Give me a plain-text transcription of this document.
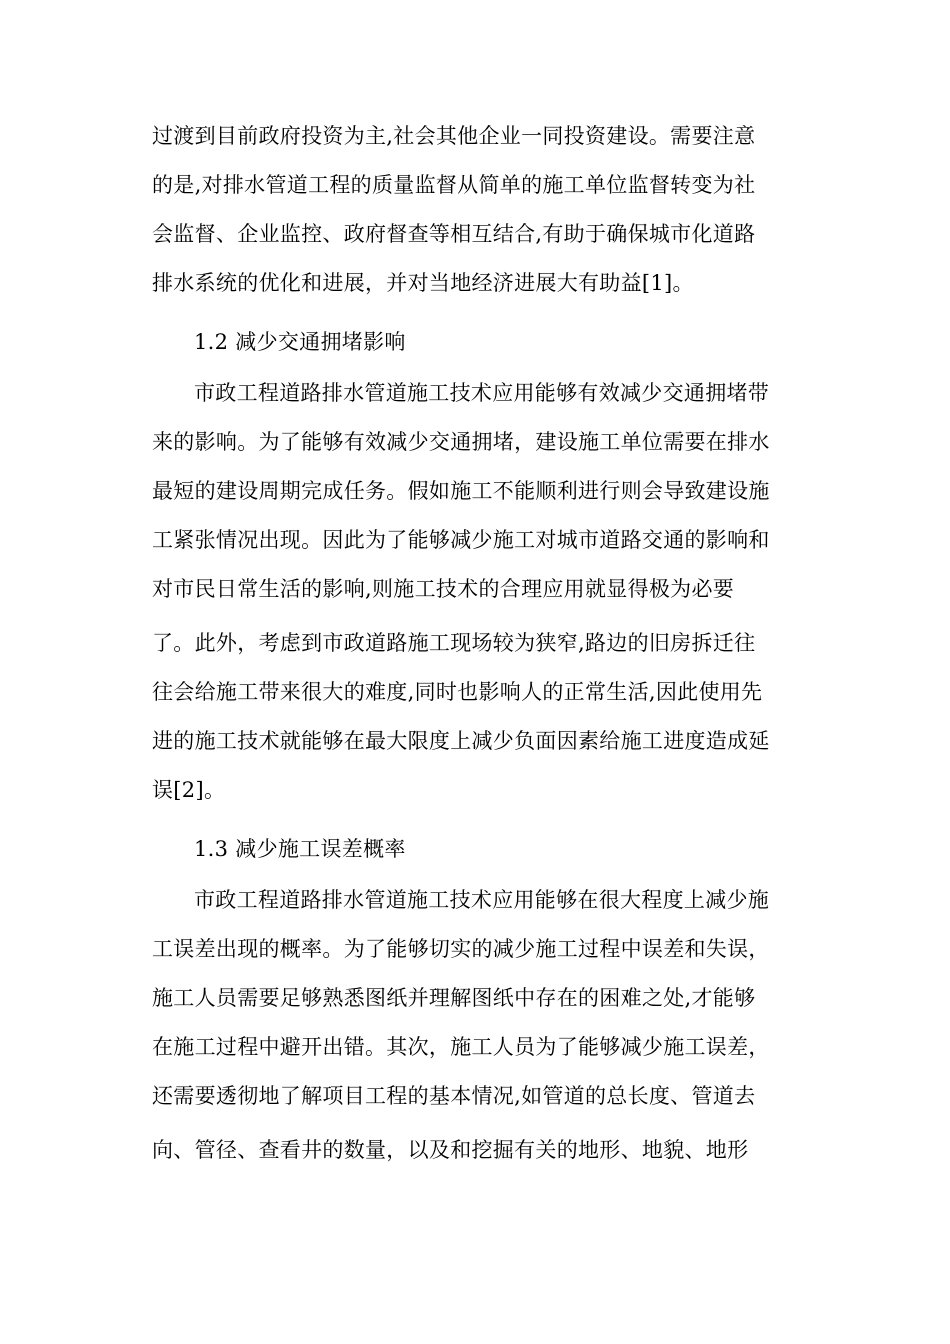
过渡到目前政府投资为主,社会其他企业一同投资建设。需要注意
的是,对排水管道工程的质量监督从简单的施工单位监督转变为社
会监督、企业监控、政府督查等相互结合,有助于确保城市化道路
排水系统的优化和进展，并对当地经济进展大有助益[1]。
1.2 减少交通拥堵影响
市政工程道路排水管道施工技术应用能够有效减少交通拥堵带
来的影响。为了能够有效减少交通拥堵，建设施工单位需要在排水
最短的建设周期完成任务。假如施工不能顺利进行则会导致建设施
工紧张情况出现。因此为了能够减少施工对城市道路交通的影响和
对市民日常生活的影响,则施工技术的合理应用就显得极为必要
了。此外，考虑到市政道路施工现场较为狭窄,路边的旧房拆迁往
往会给施工带来很大的难度,同时也影响人的正常生活,因此使用先
进的施工技术就能够在最大限度上减少负面因素给施工进度造成延
误[2]。
1.3 减少施工误差概率
市政工程道路排水管道施工技术应用能够在很大程度上减少施
工误差出现的概率。为了能够切实的减少施工过程中误差和失误，
施工人员需要足够熟悉图纸并理解图纸中存在的困难之处,才能够
在施工过程中避开出错。其次，施工人员为了能够减少施工误差，
还需要透彻地了解项目工程的基本情况,如管道的总长度、管道去
向、管径、查看井的数量，以及和挖掘有关的地形、地貌、地形
